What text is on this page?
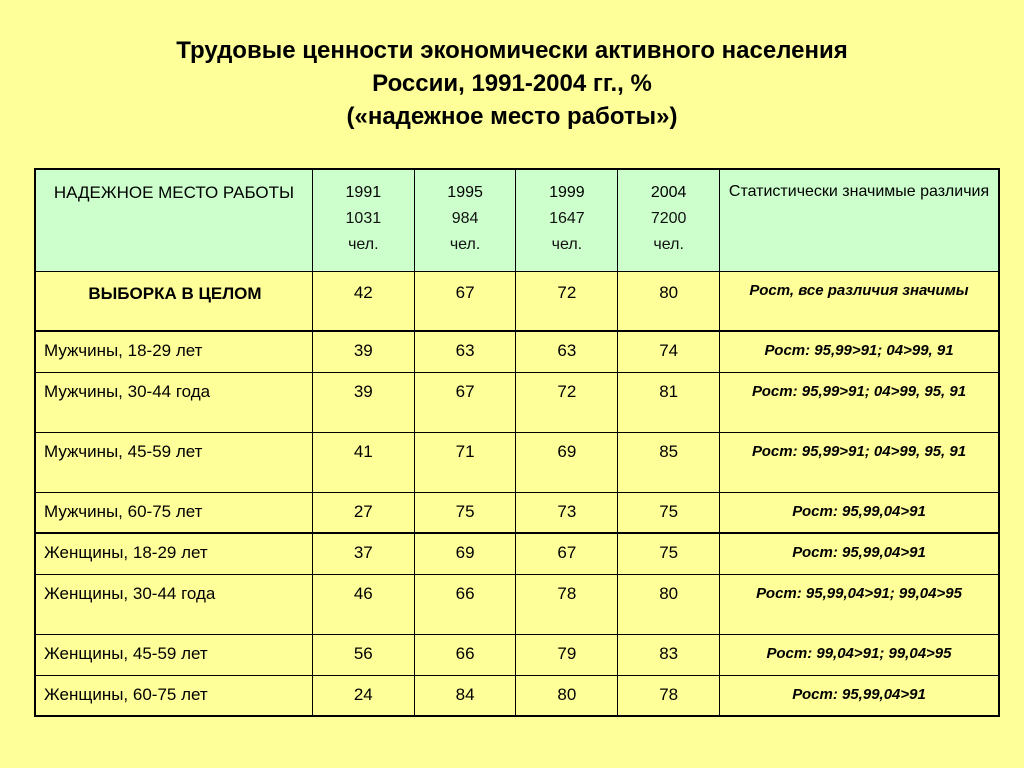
Трудовые ценности экономически активного населения
России, 1991-2004 гг., %
(«надежное место работы»)
НАДЕЖНОЕ МЕСТО РАБОТЫ	1991
1031
чел.	1995
984
чел.	1999
1647
чел.	2004
7200
чел.	Статистически значимые различия
ВЫБОРКА В ЦЕЛОМ	42	67	72	80	Рост, все различия значимы
Мужчины, 18-29 лет	39	63	63	74	Рост: 95,99>91; 04>99, 91
Мужчины, 30-44 года	39	67	72	81	Рост: 95,99>91; 04>99, 95, 91
Мужчины, 45-59 лет	41	71	69	85	Рост: 95,99>91; 04>99, 95, 91
Мужчины, 60-75 лет	27	75	73	75	Рост: 95,99,04>91
Женщины, 18-29 лет	37	69	67	75	Рост: 95,99,04>91
Женщины, 30-44 года	46	66	78	80	Рост: 95,99,04>91; 99,04>95
Женщины, 45-59 лет	56	66	79	83	Рост: 99,04>91; 99,04>95
Женщины, 60-75 лет	24	84	80	78	Рост: 95,99,04>91
